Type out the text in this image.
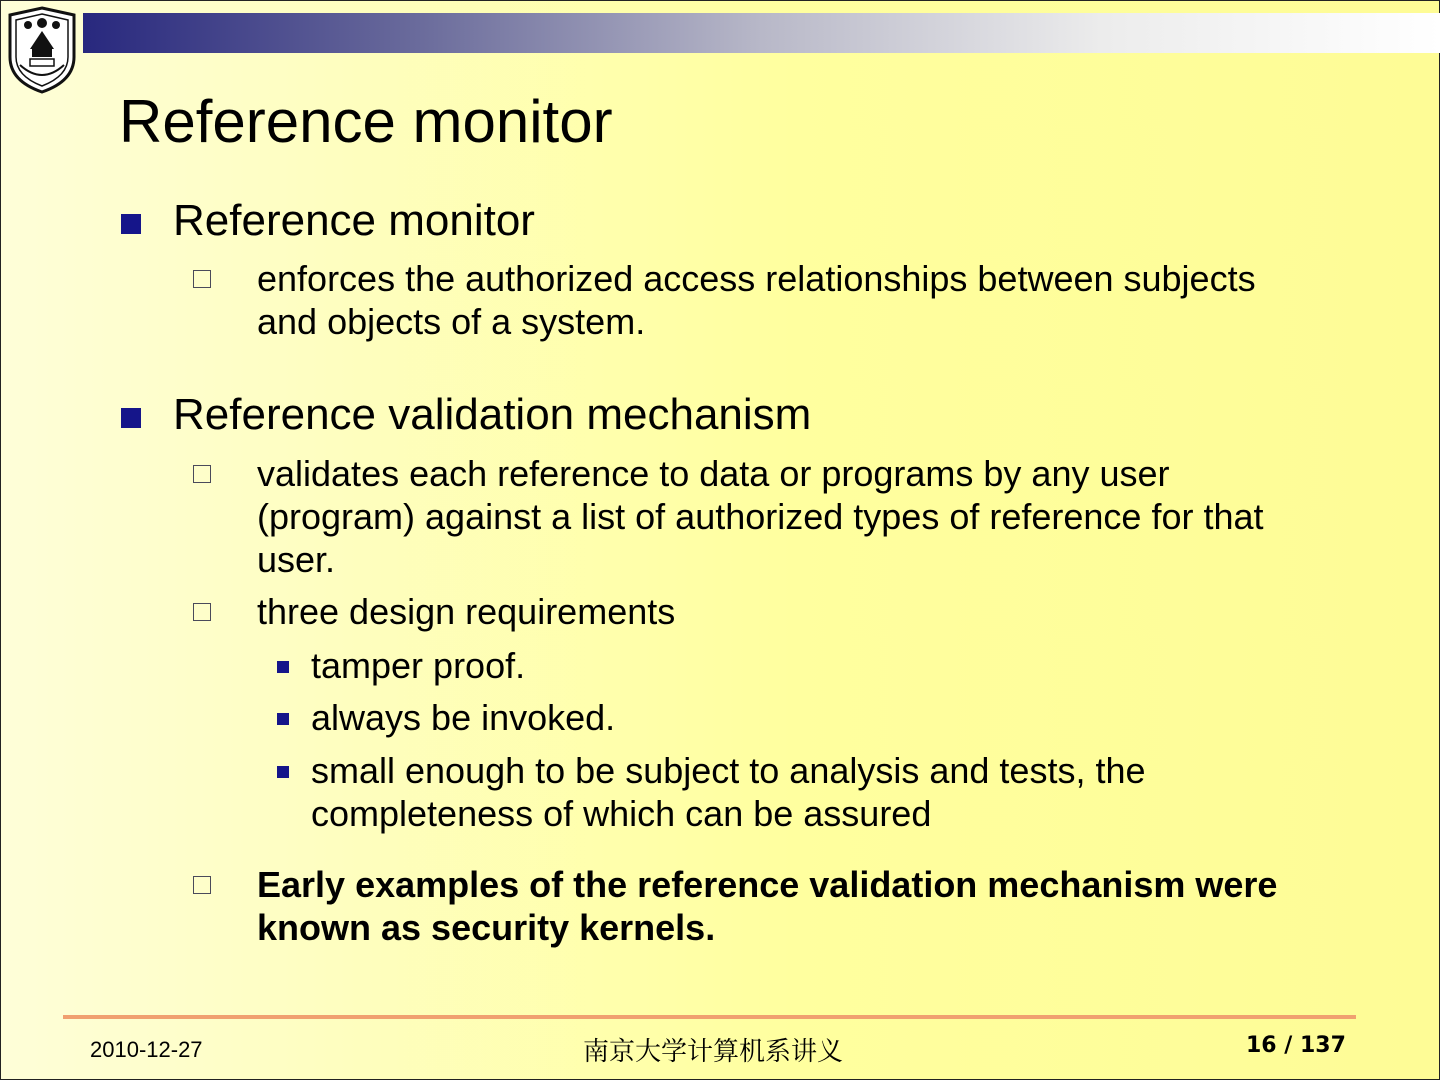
Reference monitor
Reference monitor
enforces the authorized access relationships between subjects and objects of a system.
Reference validation mechanism
validates each reference to data or programs by any user (program) against a list of authorized types of reference for that user.
three design requirements
tamper proof.
always be invoked.
small enough to be subject to analysis and tests, the completeness of which can be assured
Early examples of the reference validation mechanism were known as security kernels.
2010-12-27	南京大学计算机系讲义	16 / 137
